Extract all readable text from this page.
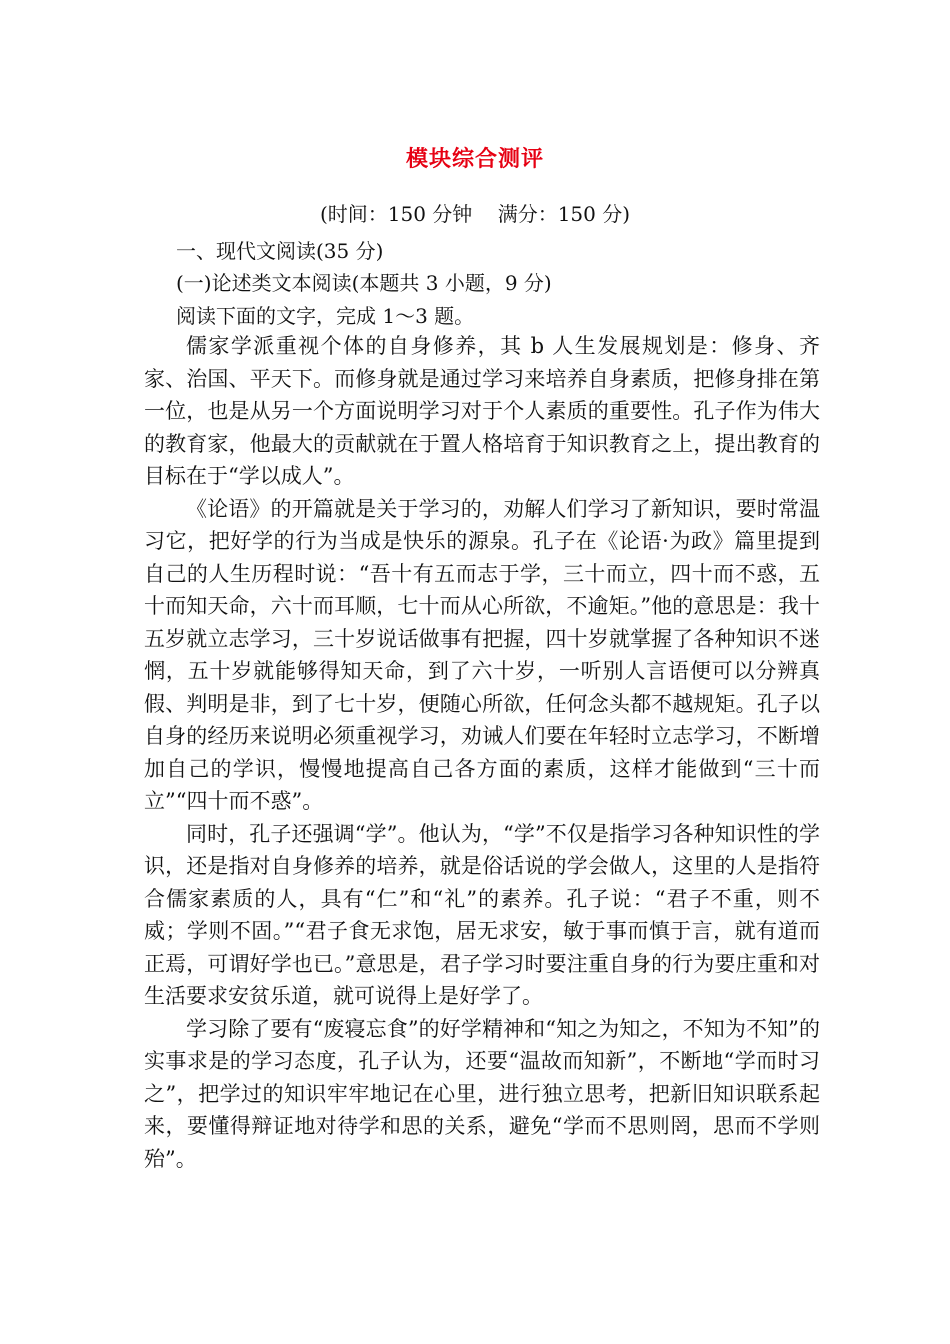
模块综合测评
(时间：150 分钟    满分：150 分)
一、现代文阅读(35 分)
(一)论述类文本阅读(本题共 3 小题，9 分)
阅读下面的文字，完成 1～3 题。

儒家学派重视个体的自身修养，其 b 人生发展规划是：修身、齐家、治国、平天下。而修身就是通过学习来培养自身素质，把修身排在第一位，也是从另一个方面说明学习对于个人素质的重要性。孔子作为伟大的教育家，他最大的贡献就在于置人格培育于知识教育之上，提出教育的目标在于“学以成人”。

《论语》的开篇就是关于学习的，劝解人们学习了新知识，要时常温习它，把好学的行为当成是快乐的源泉。孔子在《论语·为政》篇里提到自己的人生历程时说：“吾十有五而志于学，三十而立，四十而不惑，五十而知天命，六十而耳顺，七十而从心所欲，不逾矩。”他的意思是：我十五岁就立志学习，三十岁说话做事有把握，四十岁就掌握了各种知识不迷惘，五十岁就能够得知天命，到了六十岁，一听别人言语便可以分辨真假、判明是非，到了七十岁，便随心所欲，任何念头都不越规矩。孔子以自身的经历来说明必须重视学习，劝诫人们要在年轻时立志学习，不断增加自己的学识，慢慢地提高自己各方面的素质，这样才能做到“三十而立”“四十而不惑”。

同时，孔子还强调“学”。他认为，“学”不仅是指学习各种知识性的学识，还是指对自身修养的培养，就是俗话说的学会做人，这里的人是指符合儒家素质的人，具有“仁”和“礼”的素养。孔子说：“君子不重，则不威；学则不固。”“君子食无求饱，居无求安，敏于事而慎于言，就有道而正焉，可谓好学也已。”意思是，君子学习时要注重自身的行为要庄重和对生活要求安贫乐道，就可说得上是好学了。

学习除了要有“废寝忘食”的好学精神和“知之为知之，不知为不知”的实事求是的学习态度，孔子认为，还要“温故而知新”，不断地“学而时习之”，把学过的知识牢牢地记在心里，进行独立思考，把新旧知识联系起来，要懂得辩证地对待学和思的关系，避免“学而不思则罔，思而不学则殆”。
